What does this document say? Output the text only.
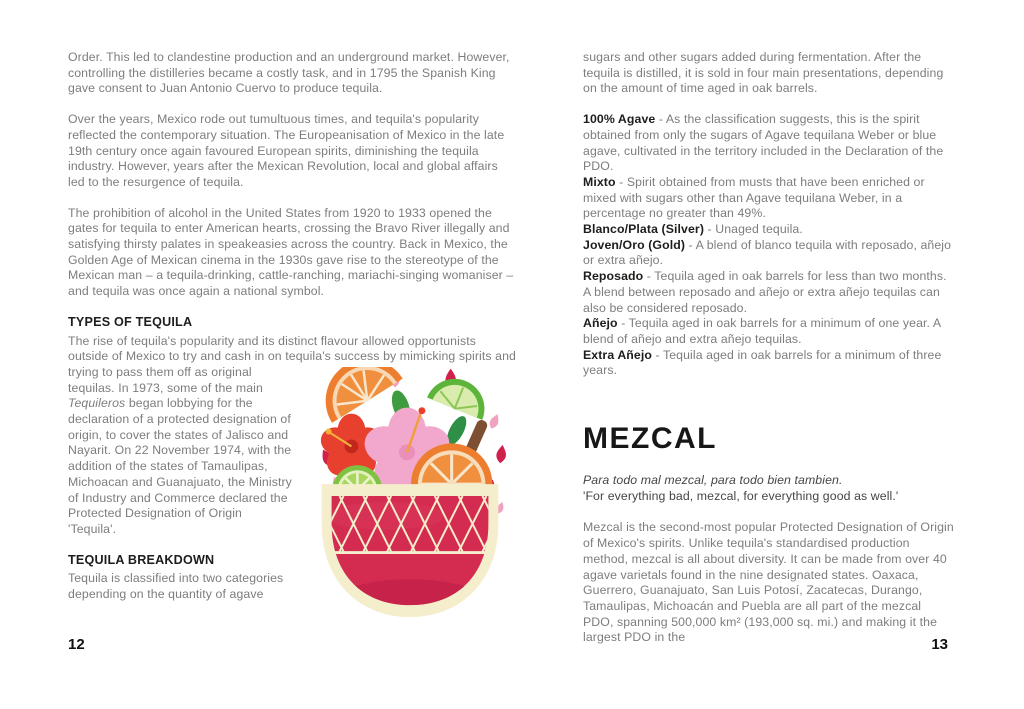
Order. This led to clandestine production and an underground market. However, controlling the distilleries became a costly task, and in 1795 the Spanish King gave consent to Juan Antonio Cuervo to produce tequila.

Over the years, Mexico rode out tumultuous times, and tequila's popularity reflected the contemporary situation. The Europeanisation of Mexico in the late 19th century once again favoured European spirits, diminishing the tequila industry. However, years after the Mexican Revolution, local and global affairs led to the resurgence of tequila.

The prohibition of alcohol in the United States from 1920 to 1933 opened the gates for tequila to enter American hearts, crossing the Bravo River illegally and satisfying thirsty palates in speakeasies across the country. Back in Mexico, the Golden Age of Mexican cinema in the 1930s gave rise to the stereotype of the Mexican man – a tequila-drinking, cattle-ranching, mariachi-singing womaniser – and tequila was once again a national symbol.

TYPES OF TEQUILA

The rise of tequila's popularity and its distinct flavour allowed opportunists outside of Mexico to try and cash in on tequila's success
by mimicking spirits and trying to pass them off as original tequilas. In 1973, some of the main Tequileros began lobbying for the declaration of a protected designation of origin, to cover the states of Jalisco and Nayarit. On 22 November 1974, with the addition of the states of Tamaulipas, Michoacan and Guanajuato, the Ministry of Industry and Commerce declared the Protected Designation of Origin 'Tequila'.

TEQUILA BREAKDOWN

Tequila is classified into two categories depending on the quantity of agave

sugars and other sugars added during fermentation. After the tequila is distilled, it is sold in four main presentations, depending on the amount of time aged in oak barrels.

100% Agave - As the classification suggests, this is the spirit obtained from only the sugars of Agave tequilana Weber or blue agave, cultivated in the territory included in the Declaration of the PDO.

Mixto - Spirit obtained from musts that have been enriched or mixed with sugars other than Agave tequilana Weber, in a percentage no greater than 49%.

Blanco/Plata (Silver) - Unaged tequila.

Joven/Oro (Gold) - A blend of blanco tequila with reposado, añejo or extra añejo.

Reposado - Tequila aged in oak barrels for less than two months. A blend between reposado and añejo or extra añejo tequilas can also be considered reposado.

Añejo - Tequila aged in oak barrels for a minimum of one year. A blend of añejo and extra añejo tequilas.

Extra Añejo - Tequila aged in oak barrels for a minimum of three years.

MEZCAL

Para todo mal mezcal, para todo bien tambien.
'For everything bad, mezcal, for everything good as well.'

Mezcal is the second-most popular Protected Designation of Origin of Mexico's spirits. Unlike tequila's standardised production method, mezcal is all about diversity. It can be made from over 40 agave varietals found in the nine designated states. Oaxaca, Guerrero, Guanajuato, San Luis Potosí, Zacatecas, Durango, Tamaulipas, Michoacán and Puebla are all part of the mezcal PDO, spanning 500,000 km² (193,000 sq. mi.) and making it the largest PDO in the

12	13
